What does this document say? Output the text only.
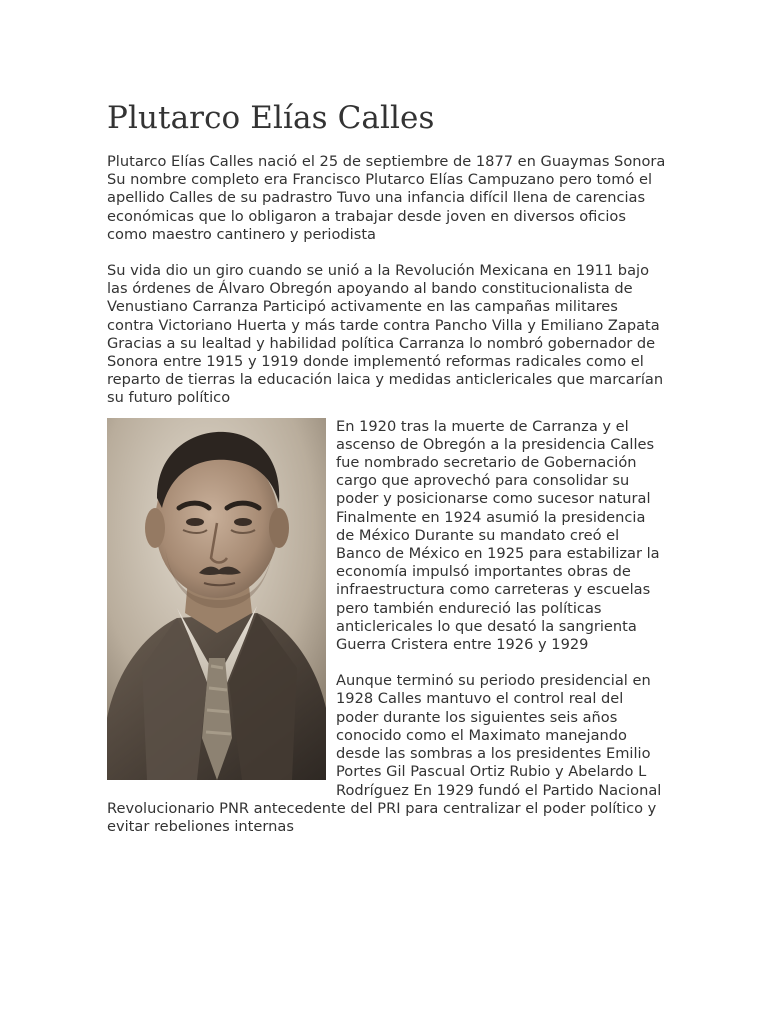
Plutarco Elías Calles

Plutarco Elías Calles nació el 25 de septiembre de 1877 en Guaymas Sonora Su nombre completo era Francisco Plutarco Elías Campuzano pero tomó el apellido Calles de su padrastro Tuvo una infancia difícil llena de carencias económicas que lo obligaron a trabajar desde joven en diversos oficios como maestro cantinero y periodista

Su vida dio un giro cuando se unió a la Revolución Mexicana en 1911 bajo las órdenes de Álvaro Obregón apoyando al bando constitucionalista de Venustiano Carranza Participó activamente en las campañas militares contra Victoriano Huerta y más tarde contra Pancho Villa y Emiliano Zapata Gracias a su lealtad y habilidad política Carranza lo nombró gobernador de Sonora entre 1915 y 1919 donde implementó reformas radicales como el reparto de tierras la educación laica y medidas anticlericales que marcarían su futuro político

En 1920 tras la muerte de Carranza y el ascenso de Obregón a la presidencia Calles fue nombrado secretario de Gobernación cargo que aprovechó para consolidar su poder y posicionarse como sucesor natural Finalmente en 1924 asumió la presidencia de México Durante su mandato creó el Banco de México en 1925 para estabilizar la economía impulsó importantes obras de infraestructura como carreteras y escuelas pero también endureció las políticas anticlericales lo que desató la sangrienta Guerra Cristera entre 1926 y 1929

Aunque terminó su periodo presidencial en 1928 Calles mantuvo el control real del poder durante los siguientes seis años conocido como el Maximato manejando desde las sombras a los presidentes Emilio Portes Gil Pascual Ortiz Rubio y Abelardo L Rodríguez En 1929 fundó el Partido Nacional Revolucionario PNR antecedente del PRI para centralizar el poder político y evitar rebeliones internas
